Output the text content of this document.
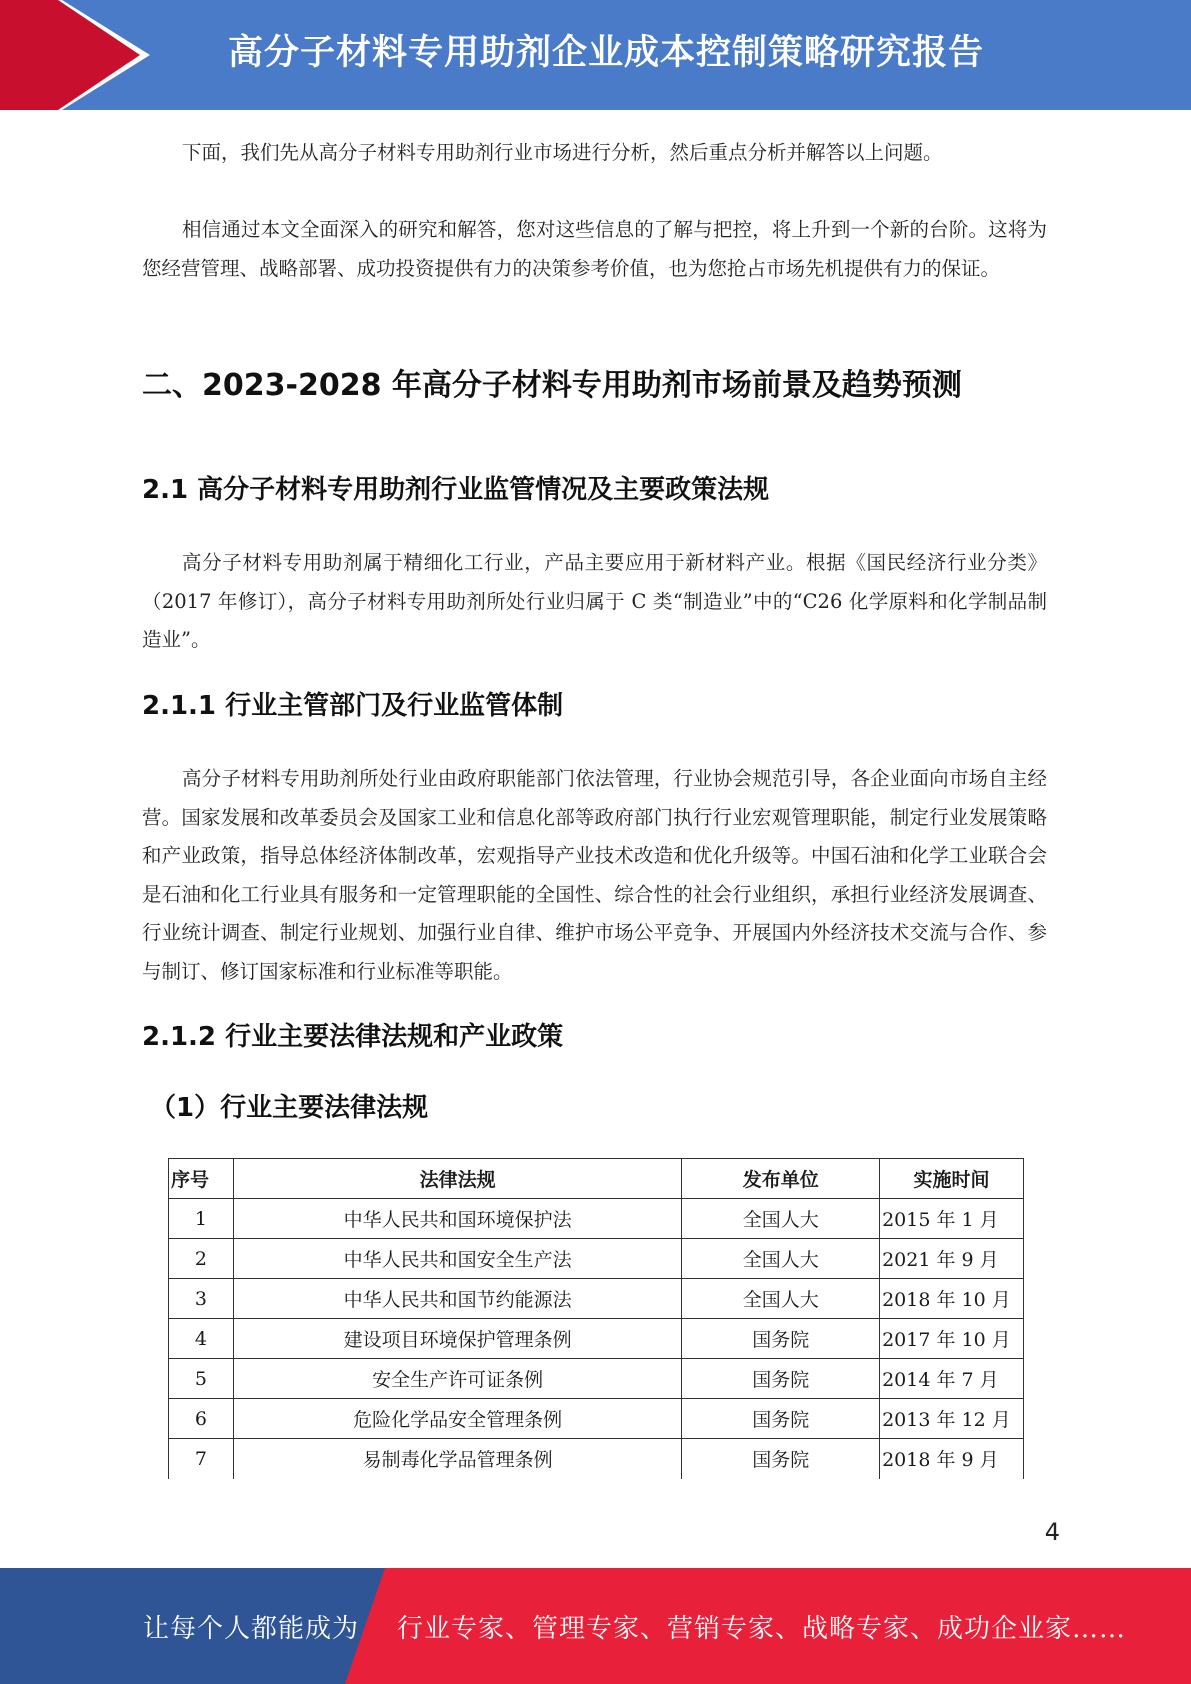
高分子材料专用助剂企业成本控制策略研究报告

下面，我们先从高分子材料专用助剂行业市场进行分析，然后重点分析并解答以上问题。

相信通过本文全面深入的研究和解答，您对这些信息的了解与把控，将上升到一个新的台阶。这将为您经营管理、战略部署、成功投资提供有力的决策参考价值，也为您抢占市场先机提供有力的保证。

二、2023-2028 年高分子材料专用助剂市场前景及趋势预测
2.1 高分子材料专用助剂行业监管情况及主要政策法规

高分子材料专用助剂属于精细化工行业，产品主要应用于新材料产业。根据《国民经济行业分类》（2017 年修订），高分子材料专用助剂所处行业归属于 C 类“制造业”中的“C26 化学原料和化学制品制造业”。

2.1.1 行业主管部门及行业监管体制

高分子材料专用助剂所处行业由政府职能部门依法管理，行业协会规范引导，各企业面向市场自主经营。国家发展和改革委员会及国家工业和信息化部等政府部门执行行业宏观管理职能，制定行业发展策略和产业政策，指导总体经济体制改革，宏观指导产业技术改造和优化升级等。中国石油和化学工业联合会是石油和化工行业具有服务和一定管理职能的全国性、综合性的社会行业组织，承担行业经济发展调查、行业统计调查、制定行业规划、加强行业自律、维护市场公平竞争、开展国内外经济技术交流与合作、参与制订、修订国家标准和行业标准等职能。

2.1.2 行业主要法律法规和产业政策
（1）行业主要法律法规
序号	法律法规	发布单位	实施时间
1	中华人民共和国环境保护法	全国人大	2015 年 1 月
2	中华人民共和国安全生产法	全国人大	2021 年 9 月
3	中华人民共和国节约能源法	全国人大	2018 年 10 月
4	建设项目环境保护管理条例	国务院	2017 年 10 月
5	安全生产许可证条例	国务院	2014 年 7 月
6	危险化学品安全管理条例	国务院	2013 年 12 月
7	易制毒化学品管理条例	国务院	2018 年 9 月
4
让每个人都能成为 行业专家、管理专家、营销专家、战略专家、成功企业家……
